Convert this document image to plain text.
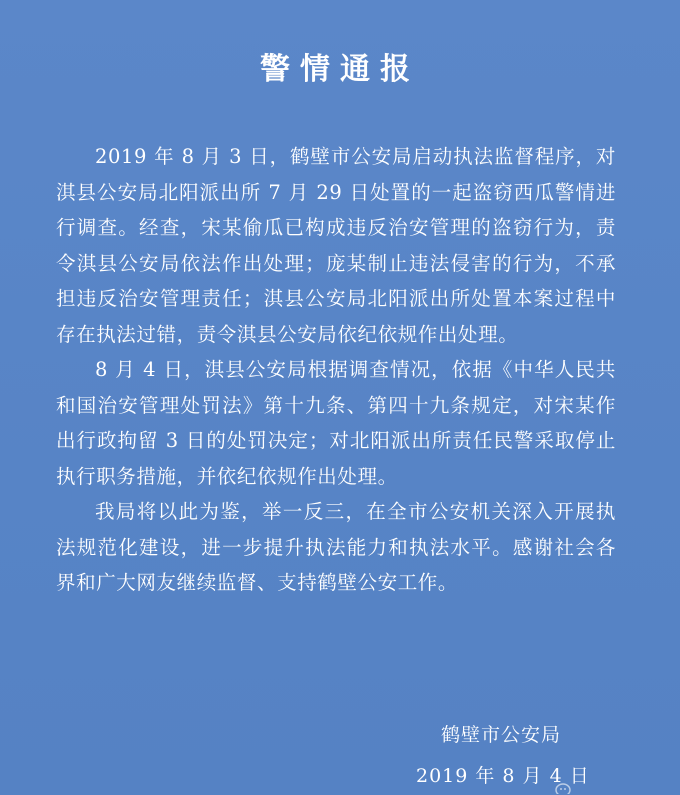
警情通报

2019 年 8 月 3 日，鹤壁市公安局启动执法监督程序，对淇县公安局北阳派出所 7 月 29 日处置的一起盗窃西瓜警情进行调查。经查，宋某偷瓜已构成违反治安管理的盗窃行为，责令淇县公安局依法作出处理；庞某制止违法侵害的行为，不承担违反治安管理责任；淇县公安局北阳派出所处置本案过程中存在执法过错，责令淇县公安局依纪依规作出处理。

8 月 4 日，淇县公安局根据调查情况，依据《中华人民共和国治安管理处罚法》第十九条、第四十九条规定，对宋某作出行政拘留 3 日的处罚决定；对北阳派出所责任民警采取停止执行职务措施，并依纪依规作出处理。

我局将以此为鉴，举一反三，在全市公安机关深入开展执法规范化建设，进一步提升执法能力和执法水平。感谢社会各界和广大网友继续监督、支持鹤壁公安工作。

鹤壁市公安局
2019 年 8 月 4 日
